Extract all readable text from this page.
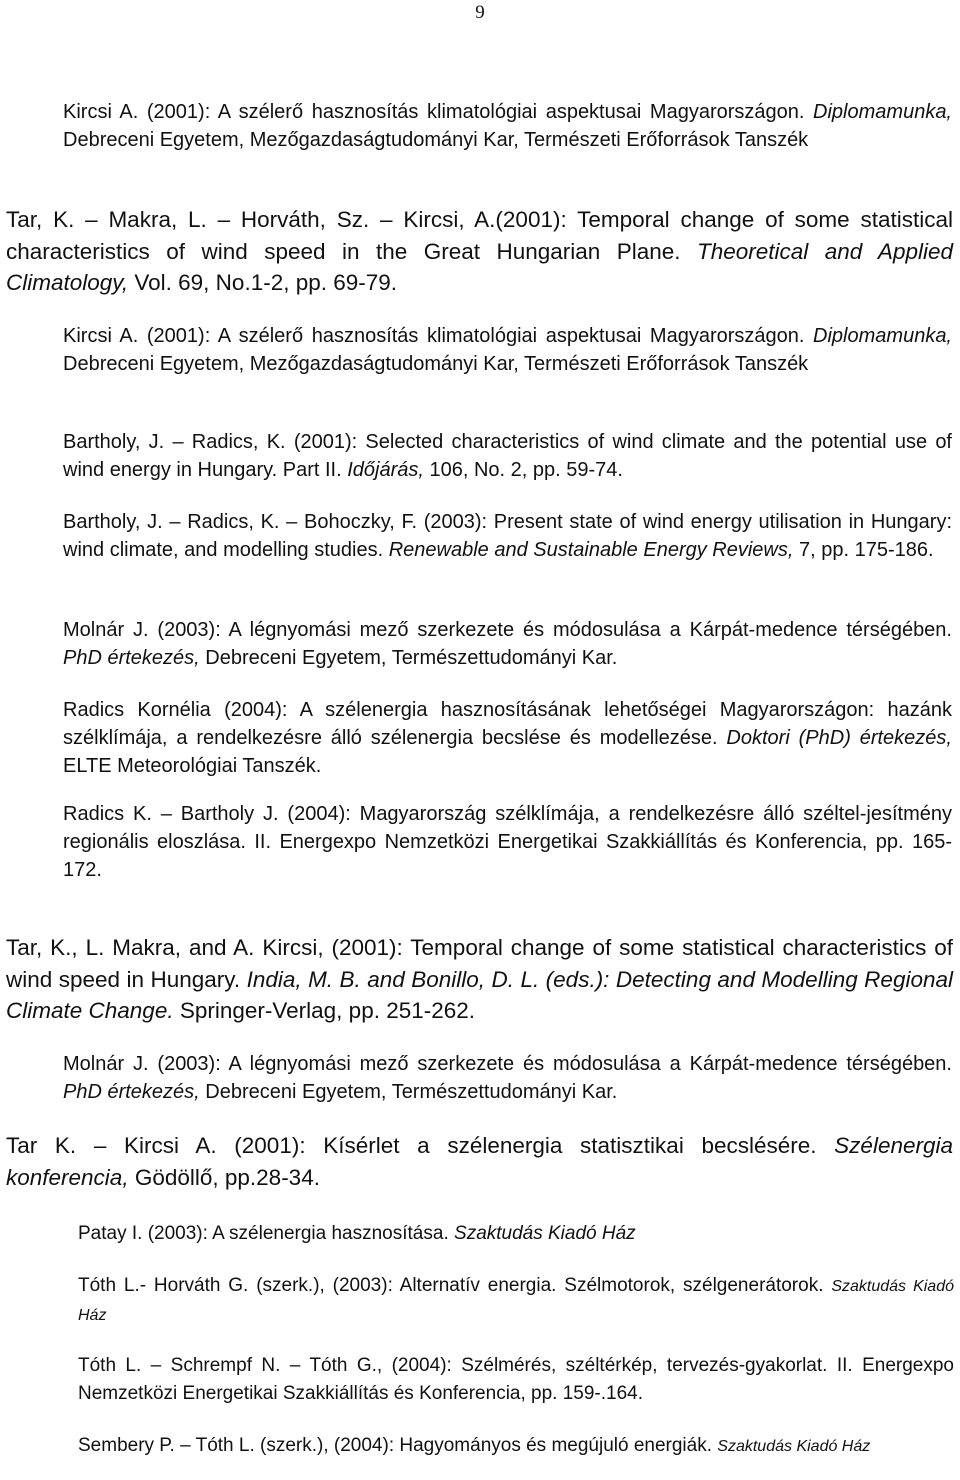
9

Kircsi A. (2001): A szélerő hasznosítás klimatológiai aspektusai Magyarországon. Diplomamunka, Debreceni Egyetem, Mezőgazdaságtudományi Kar, Természeti Erőforrások Tanszék

Tar, K. – Makra, L. – Horváth, Sz. – Kircsi, A.(2001): Temporal change of some statistical characteristics of wind speed in the Great Hungarian Plane. Theoretical and Applied Climatology, Vol. 69, No.1-2, pp. 69-79.

Kircsi A. (2001): A szélerő hasznosítás klimatológiai aspektusai Magyarországon. Diplomamunka, Debreceni Egyetem, Mezőgazdaságtudományi Kar, Természeti Erőforrások Tanszék

Bartholy, J. – Radics, K. (2001): Selected characteristics of wind climate and the potential use of wind energy in Hungary. Part II. Időjárás, 106, No. 2, pp. 59-74.

Bartholy, J. – Radics, K. – Bohoczky, F. (2003): Present state of wind energy utilisation in Hungary: wind climate, and modelling studies. Renewable and Sustainable Energy Reviews, 7, pp. 175-186.

Molnár J. (2003): A légnyomási mező szerkezete és módosulása a Kárpát-medence térségében. PhD értekezés, Debreceni Egyetem, Természettudományi Kar.

Radics Kornélia (2004): A szélenergia hasznosításának lehetőségei Magyarországon: hazánk szélklímája, a rendelkezésre álló szélenergia becslése és modellezése. Doktori (PhD) értekezés, ELTE Meteorológiai Tanszék.

Radics K. – Bartholy J. (2004): Magyarország szélklímája, a rendelkezésre álló széltel-jesítmény regionális eloszlása. II. Energexpo Nemzetközi Energetikai Szakkiállítás és Konferencia, pp. 165-172.

Tar, K., L. Makra, and A. Kircsi, (2001): Temporal change of some statistical characteristics of wind speed in Hungary. India, M. B. and Bonillo, D. L. (eds.): Detecting and Modelling Regional Climate Change. Springer-Verlag, pp. 251-262.

Molnár J. (2003): A légnyomási mező szerkezete és módosulása a Kárpát-medence térségében. PhD értekezés, Debreceni Egyetem, Természettudományi Kar.

Tar K. – Kircsi A. (2001): Kísérlet a szélenergia statisztikai becslésére. Szélenergia konferencia, Gödöllő, pp.28-34.

Patay I. (2003): A szélenergia hasznosítása. Szaktudás Kiadó Ház

Tóth L.- Horváth G. (szerk.), (2003): Alternatív energia. Szélmotorok, szélgenerátorok. Szaktudás Kiadó Ház

Tóth L. – Schrempf N. – Tóth G., (2004): Szélmérés, széltérkép, tervezés-gyakorlat. II. Energexpo Nemzetközi Energetikai Szakkiállítás és Konferencia, pp. 159-.164.

Sembery P. – Tóth L. (szerk.), (2004): Hagyományos és megújuló energiák. Szaktudás Kiadó Ház
